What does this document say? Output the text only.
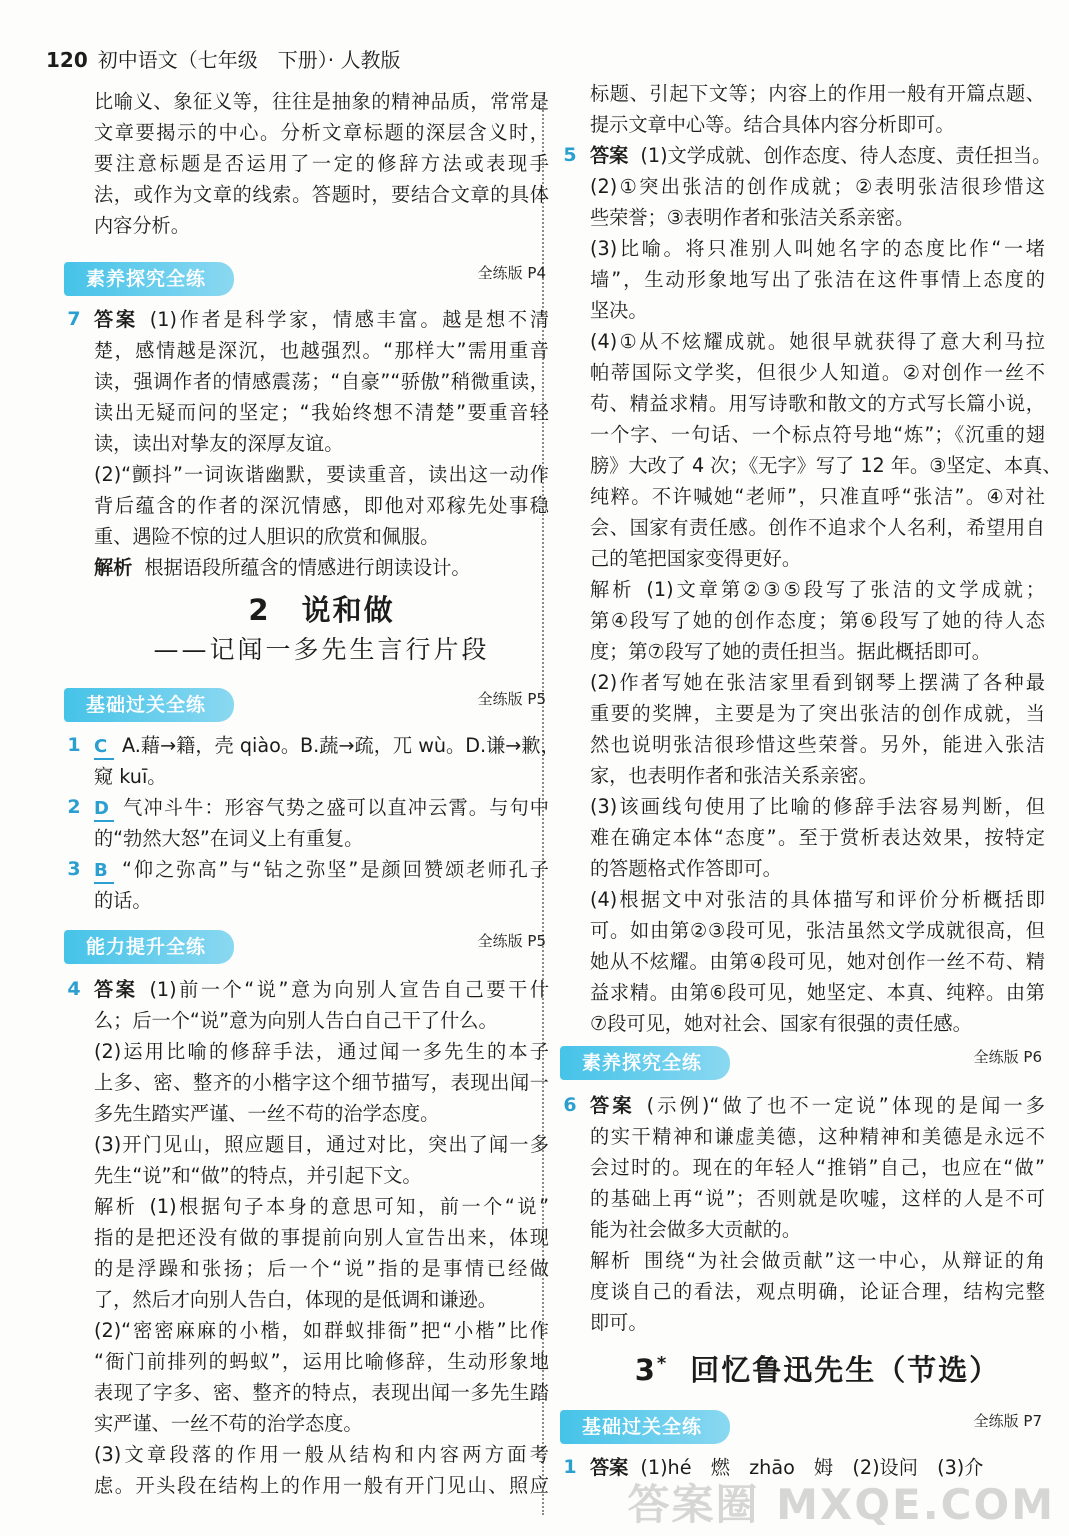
120 初中语文（七年级　下册）· 人教版
比喻义、象征义等，往往是抽象的精神品质，常常是
文章要揭示的中心。分析文章标题的深层含义时，
要注意标题是否运用了一定的修辞方法或表现手
法，或作为文章的线索。答题时，要结合文章的具体
内容分析。
素养探究全练	全练版 P4
7 答案 (1)作者是科学家，情感丰富。越是想不清
楚，感情越是深沉，也越强烈。“那样大”需用重音
读，强调作者的情感震荡；“自豪”“骄傲”稍微重读，
读出无疑而问的坚定；“我始终想不清楚”要重音轻
读，读出对挚友的深厚友谊。
(2)“颤抖”一词诙谐幽默，要读重音，读出这一动作
背后蕴含的作者的深沉情感，即他对邓稼先处事稳
重、遇险不惊的过人胆识的欣赏和佩服。
解析 根据语段所蕴含的情感进行朗读设计。
2　说和做
——记闻一多先生言行片段
基础过关全练	全练版 P5
1 C A.藉→籍，壳 qiào。B.蔬→疏，兀 wù。D.谦→歉，
窥 kuī。
2 D 气冲斗牛：形容气势之盛可以直冲云霄。与句中
的“勃然大怒”在词义上有重复。
3 B “仰之弥高”与“钻之弥坚”是颜回赞颂老师孔子
的话。
能力提升全练	全练版 P5
4 答案 (1)前一个“说”意为向别人宣告自己要干什
么；后一个“说”意为向别人告白自己干了什么。
(2)运用比喻的修辞手法，通过闻一多先生的本子
上多、密、整齐的小楷字这个细节描写，表现出闻一
多先生踏实严谨、一丝不苟的治学态度。
(3)开门见山，照应题目，通过对比，突出了闻一多
先生“说”和“做”的特点，并引起下文。
解析 (1)根据句子本身的意思可知，前一个“说”
指的是把还没有做的事提前向别人宣告出来，体现
的是浮躁和张扬；后一个“说”指的是事情已经做
了，然后才向别人告白，体现的是低调和谦逊。
(2)“密密麻麻的小楷，如群蚁排衙”把“小楷”比作
“衙门前排列的蚂蚁”，运用比喻修辞，生动形象地
表现了字多、密、整齐的特点，表现出闻一多先生踏
实严谨、一丝不苟的治学态度。
(3)文章段落的作用一般从结构和内容两方面考
虑。开头段在结构上的作用一般有开门见山、照应
标题、引起下文等；内容上的作用一般有开篇点题、
提示文章中心等。结合具体内容分析即可。
5 答案 (1)文学成就、创作态度、待人态度、责任担当。
(2)①突出张洁的创作成就；②表明张洁很珍惜这
些荣誉；③表明作者和张洁关系亲密。
(3)比喻。将只准别人叫她名字的态度比作“一堵
墙”，生动形象地写出了张洁在这件事情上态度的
坚决。
(4)①从不炫耀成就。她很早就获得了意大利马拉
帕蒂国际文学奖，但很少人知道。②对创作一丝不
苟、精益求精。用写诗歌和散文的方式写长篇小说，
一个字、一句话、一个标点符号地“炼”；《沉重的翅
膀》大改了 4 次；《无字》写了 12 年。③坚定、本真、
纯粹。不许喊她“老师”，只准直呼“张洁”。④对社
会、国家有责任感。创作不追求个人名利，希望用自
己的笔把国家变得更好。
解析 (1)文章第②③⑤段写了张洁的文学成就；
第④段写了她的创作态度；第⑥段写了她的待人态
度；第⑦段写了她的责任担当。据此概括即可。
(2)作者写她在张洁家里看到钢琴上摆满了各种最
重要的奖牌，主要是为了突出张洁的创作成就，当
然也说明张洁很珍惜这些荣誉。另外，能进入张洁
家，也表明作者和张洁关系亲密。
(3)该画线句使用了比喻的修辞手法容易判断，但
难在确定本体“态度”。至于赏析表达效果，按特定
的答题格式作答即可。
(4)根据文中对张洁的具体描写和评价分析概括即
可。如由第②③段可见，张洁虽然文学成就很高，但
她从不炫耀。由第④段可见，她对创作一丝不苟、精
益求精。由第⑥段可见，她坚定、本真、纯粹。由第
⑦段可见，她对社会、国家有很强的责任感。
素养探究全练	全练版 P6
6 答案 (示例)“做了也不一定说”体现的是闻一多
的实干精神和谦虚美德，这种精神和美德是永远不
会过时的。现在的年轻人“推销”自己，也应在“做”
的基础上再“说”；否则就是吹嘘，这样的人是不可
能为社会做多大贡献的。
解析 围绕“为社会做贡献”这一中心，从辩证的角
度谈自己的看法，观点明确，论证合理，结构完整
即可。
3* 回忆鲁迅先生（节选）
基础过关全练	全练版 P7
1 答案 (1)hé　燃　zhāo　姆　(2)设问　(3)介
答案圈 MXQE.COM
